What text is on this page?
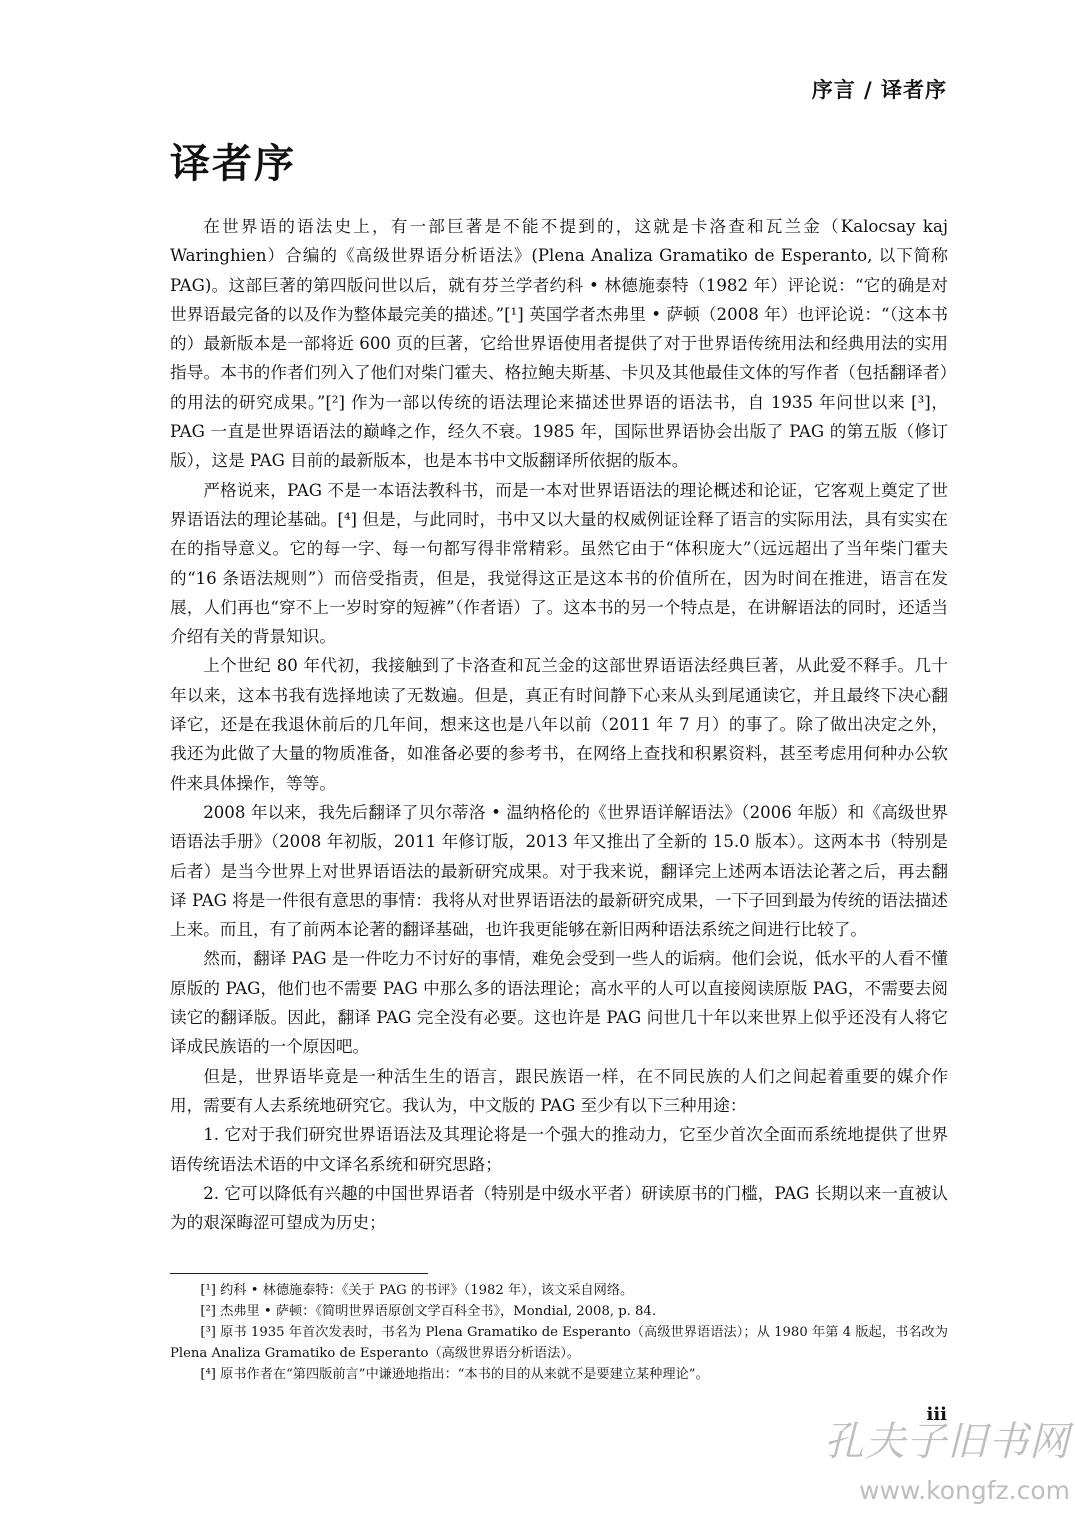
序言 / 译者序
译者序

在世界语的语法史上，有一部巨著是不能不提到的，这就是卡洛查和瓦兰金（Kalocsay kaj Waringhien）合编的《高级世界语分析语法》(Plena Analiza Gramatiko de Esperanto, 以下简称PAG)。这部巨著的第四版问世以后，就有芬兰学者约科 • 林德施泰特（1982 年）评论说：“它的确是对世界语最完备的以及作为整体最完美的描述。”[¹] 英国学者杰弗里 • 萨顿（2008 年）也评论说：“（这本书的）最新版本是一部将近 600 页的巨著，它给世界语使用者提供了对于世界语传统用法和经典用法的实用指导。本书的作者们列入了他们对柴门霍夫、格拉鲍夫斯基、卡贝及其他最佳文体的写作者（包括翻译者）的用法的研究成果。”[²] 作为一部以传统的语法理论来描述世界语的语法书，自 1935 年问世以来 [³]，PAG 一直是世界语语法的巅峰之作，经久不衰。1985 年，国际世界语协会出版了 PAG 的第五版（修订版），这是 PAG 目前的最新版本，也是本书中文版翻译所依据的版本。

严格说来，PAG 不是一本语法教科书，而是一本对世界语语法的理论概述和论证，它客观上奠定了世界语语法的理论基础。[⁴] 但是，与此同时，书中又以大量的权威例证诠释了语言的实际用法，具有实实在在的指导意义。它的每一字、每一句都写得非常精彩。虽然它由于“体积庞大”（远远超出了当年柴门霍夫的“16 条语法规则”）而倍受指责，但是，我觉得这正是这本书的价值所在，因为时间在推进，语言在发展，人们再也“穿不上一岁时穿的短裤”（作者语）了。这本书的另一个特点是，在讲解语法的同时，还适当介绍有关的背景知识。

上个世纪 80 年代初，我接触到了卡洛查和瓦兰金的这部世界语语法经典巨著，从此爱不释手。几十年以来，这本书我有选择地读了无数遍。但是，真正有时间静下心来从头到尾通读它，并且最终下决心翻译它，还是在我退休前后的几年间，想来这也是八年以前（2011 年 7 月）的事了。除了做出决定之外，我还为此做了大量的物质准备，如准备必要的参考书，在网络上查找和积累资料，甚至考虑用何种办公软件来具体操作，等等。

2008 年以来，我先后翻译了贝尔蒂洛 • 温纳格伦的《世界语详解语法》（2006 年版）和《高级世界语语法手册》（2008 年初版，2011 年修订版，2013 年又推出了全新的 15.0 版本）。这两本书（特别是后者）是当今世界上对世界语语法的最新研究成果。对于我来说，翻译完上述两本语法论著之后，再去翻译 PAG 将是一件很有意思的事情：我将从对世界语语法的最新研究成果，一下子回到最为传统的语法描述上来。而且，有了前两本论著的翻译基础，也许我更能够在新旧两种语法系统之间进行比较了。

然而，翻译 PAG 是一件吃力不讨好的事情，难免会受到一些人的诟病。他们会说，低水平的人看不懂原版的 PAG，他们也不需要 PAG 中那么多的语法理论；高水平的人可以直接阅读原版 PAG，不需要去阅读它的翻译版。因此，翻译 PAG 完全没有必要。这也许是 PAG 问世几十年以来世界上似乎还没有人将它译成民族语的一个原因吧。

但是，世界语毕竟是一种活生生的语言，跟民族语一样，在不同民族的人们之间起着重要的媒介作用，需要有人去系统地研究它。我认为，中文版的 PAG 至少有以下三种用途：

1. 它对于我们研究世界语语法及其理论将是一个强大的推动力，它至少首次全面而系统地提供了世界语传统语法术语的中文译名系统和研究思路；

2. 它可以降低有兴趣的中国世界语者（特别是中级水平者）研读原书的门槛，PAG 长期以来一直被认为的艰深晦涩可望成为历史；

[¹] 约科 • 林德施泰特：《关于 PAG 的书评》（1982 年），该文采自网络。

[²] 杰弗里 • 萨顿：《简明世界语原创文学百科全书》，Mondial, 2008, p. 84.

[³] 原书 1935 年首次发表时，书名为 Plena Gramatiko de Esperanto（高级世界语语法）；从 1980 年第 4 版起，书名改为 Plena Analiza Gramatiko de Esperanto（高级世界语分析语法）。

[⁴] 原书作者在“第四版前言”中谦逊地指出：“本书的目的从来就不是要建立某种理论”。

iii
孔夫子旧书网
www.kongfz.com
